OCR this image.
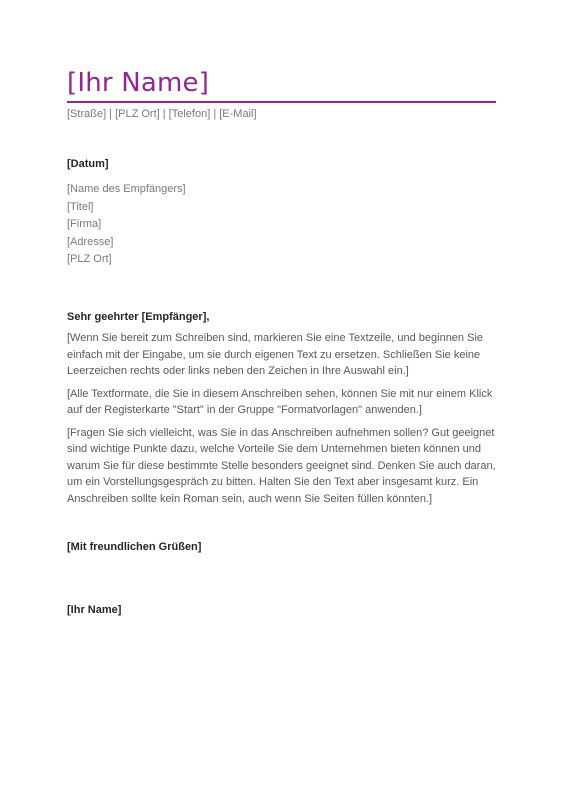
[Ihr Name]
[Straße] | [PLZ Ort] | [Telefon] | [E-Mail]
[Datum]
[Name des Empfängers]
[Titel]
[Firma]
[Adresse]
[PLZ Ort]
Sehr geehrter [Empfänger],

[Wenn Sie bereit zum Schreiben sind, markieren Sie eine Textzeile, und beginnen Sie einfach mit der Eingabe, um sie durch eigenen Text zu ersetzen. Schließen Sie keine Leerzeichen rechts oder links neben den Zeichen in Ihre Auswahl ein.]

[Alle Textformate, die Sie in diesem Anschreiben sehen, können Sie mit nur einem Klick auf der Registerkarte "Start" in der Gruppe "Formatvorlagen" anwenden.]

[Fragen Sie sich vielleicht, was Sie in das Anschreiben aufnehmen sollen? Gut geeignet sind wichtige Punkte dazu, welche Vorteile Sie dem Unternehmen bieten können und warum Sie für diese bestimmte Stelle besonders geeignet sind. Denken Sie auch daran, um ein Vorstellungsgespräch zu bitten. Halten Sie den Text aber insgesamt kurz. Ein Anschreiben sollte kein Roman sein, auch wenn Sie Seiten füllen könnten.]

[Mit freundlichen Grüßen]
[Ihr Name]
